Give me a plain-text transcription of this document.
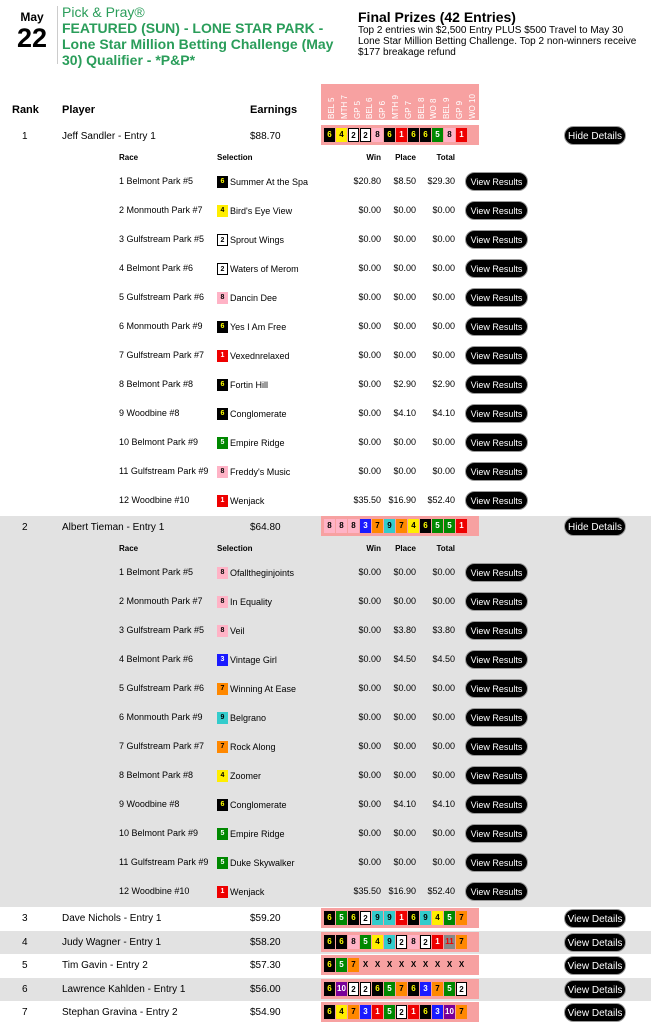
May
22
Pick & Pray®
FEATURED (SUN) - LONE STAR PARK - Lone Star Million Betting Challenge (May 30) Qualifier - *P&P*
Final Prizes (42 Entries)
Top 2 entries win $2,500 Entry PLUS $500 Travel to May 30 Lone Star Million Betting Challenge. Top 2 non-winners receive $177 breakage refund
Rank Player	Earnings	BEL 5 MTH 7 GP 5 BEL 6 GP 6 MTH 9 GP 7 BEL 8 WO 8 BEL 9 GP 9 WO 10
1	Jeff Sandler - Entry 1	$88.70	6 4 2 2 8 6 1 6 6 5 8 1	Hide Details
Race	Selection	Win	Place	Total
1 Belmont Park #5	6 Summer At the Spa	$20.80	$8.50	$29.30	View Results
2 Monmouth Park #7	4 Bird's Eye View	$0.00	$0.00	$0.00	View Results
3 Gulfstream Park #5	2 Sprout Wings	$0.00	$0.00	$0.00	View Results
4 Belmont Park #6	2 Waters of Merom	$0.00	$0.00	$0.00	View Results
5 Gulfstream Park #6	8 Dancin Dee	$0.00	$0.00	$0.00	View Results
6 Monmouth Park #9	6 Yes I Am Free	$0.00	$0.00	$0.00	View Results
7 Gulfstream Park #7	1 Vexednrelaxed	$0.00	$0.00	$0.00	View Results
8 Belmont Park #8	6 Fortin Hill	$0.00	$2.90	$2.90	View Results
9 Woodbine #8	6 Conglomerate	$0.00	$4.10	$4.10	View Results
10 Belmont Park #9	5 Empire Ridge	$0.00	$0.00	$0.00	View Results
11 Gulfstream Park #9	8 Freddy's Music	$0.00	$0.00	$0.00	View Results
12 Woodbine #10	1 Wenjack	$35.50 $16.90	$52.40	View Results
2	Albert Tieman - Entry 1	$64.80	8 8 8 3 7 9 7 4 6 5 5 1	Hide Details
Race	Selection	Win	Place	Total
1 Belmont Park #5	8 Ofalltheginjoints	$0.00	$0.00	$0.00	View Results
2 Monmouth Park #7	8 In Equality	$0.00	$0.00	$0.00	View Results
3 Gulfstream Park #5	8 Veil	$0.00	$3.80	$3.80	View Results
4 Belmont Park #6	3 Vintage Girl	$0.00	$4.50	$4.50	View Results
5 Gulfstream Park #6	7 Winning At Ease	$0.00	$0.00	$0.00	View Results
6 Monmouth Park #9	9 Belgrano	$0.00	$0.00	$0.00	View Results
7 Gulfstream Park #7	7 Rock Along	$0.00	$0.00	$0.00	View Results
8 Belmont Park #8	4 Zoomer	$0.00	$0.00	$0.00	View Results
9 Woodbine #8	6 Conglomerate	$0.00	$4.10	$4.10	View Results
10 Belmont Park #9	5 Empire Ridge	$0.00	$0.00	$0.00	View Results
11 Gulfstream Park #9	5 Duke Skywalker	$0.00	$0.00	$0.00	View Results
12 Woodbine #10	1 Wenjack	$35.50 $16.90	$52.40	View Results
3	Dave Nichols - Entry 1	$59.20	6 5 6 2 9 9 1 6 9 4 5 7	View Details
4	Judy Wagner - Entry 1	$58.20	6 6 8 5 4 9 2 8 2 1 11 7	View Details
5	Tim Gavin - Entry 2	$57.30	6 5 7 X X X X X X X X X	View Details
6	Lawrence Kahlden - Entry 1	$56.00	6 10 2 2 6 5 7 6 3 7 5 2	View Details
7	Stephan Gravina - Entry 2	$54.90	6 4 7 3 1 5 2 1 6 3 10 7	View Details
